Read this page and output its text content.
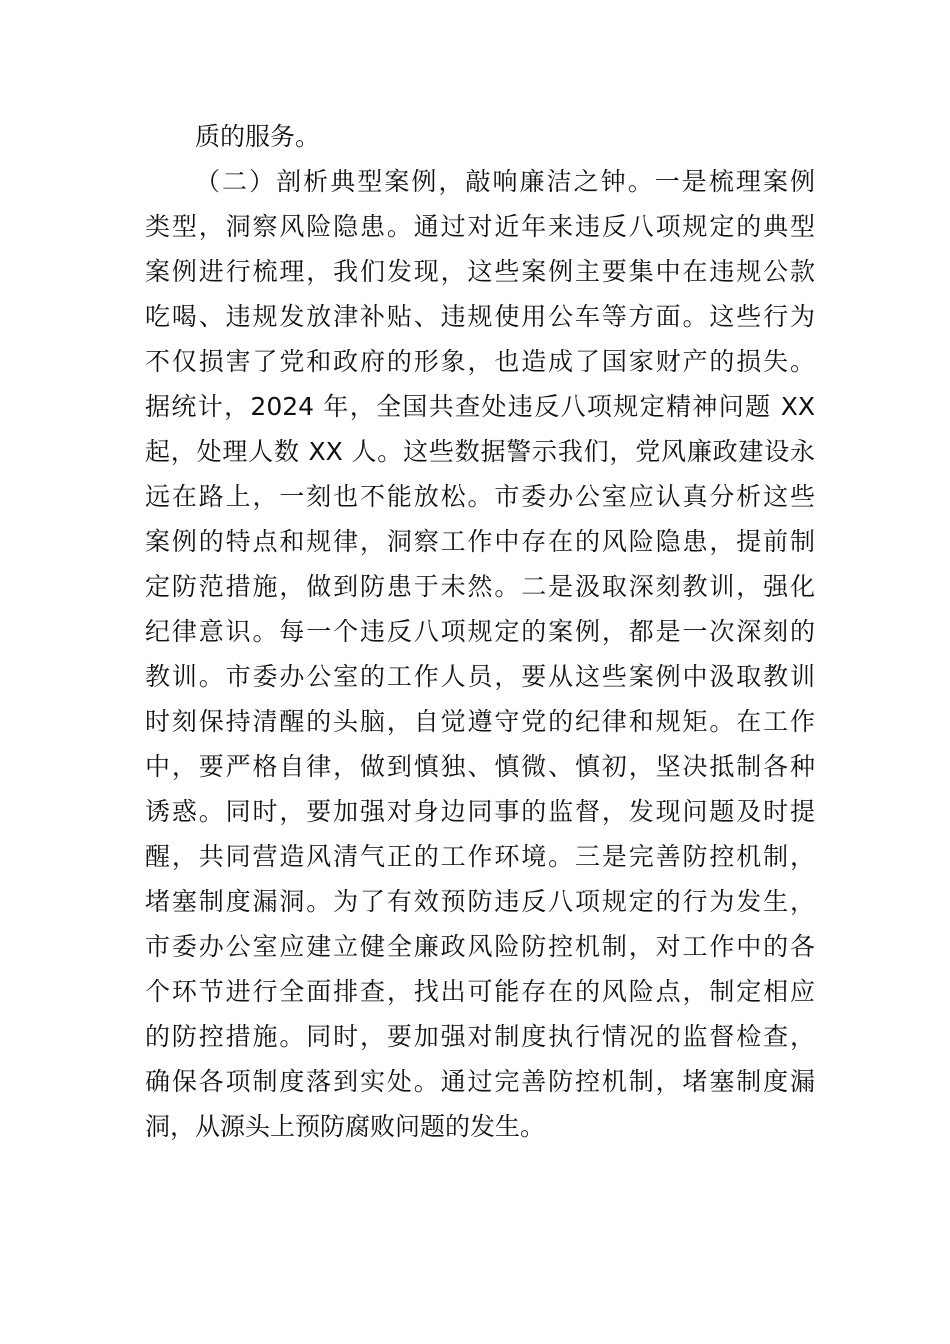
质的服务。

（二）剖析典型案例，敲响廉洁之钟。一是梳理案例

类型，洞察风险隐患。通过对近年来违反八项规定的典型

案例进行梳理，我们发现，这些案例主要集中在违规公款

吃喝、违规发放津补贴、违规使用公车等方面。这些行为

不仅损害了党和政府的形象，也造成了国家财产的损失。

据统计，2024 年，全国共查处违反八项规定精神问题 XX

起，处理人数 XX 人。这些数据警示我们，党风廉政建设永

远在路上，一刻也不能放松。市委办公室应认真分析这些

案例的特点和规律，洞察工作中存在的风险隐患，提前制

定防范措施，做到防患于未然。二是汲取深刻教训，强化

纪律意识。每一个违反八项规定的案例，都是一次深刻的

教训。市委办公室的工作人员，要从这些案例中汲取教训

时刻保持清醒的头脑，自觉遵守党的纪律和规矩。在工作

中，要严格自律，做到慎独、慎微、慎初，坚决抵制各种

诱惑。同时，要加强对身边同事的监督，发现问题及时提

醒，共同营造风清气正的工作环境。三是完善防控机制，

堵塞制度漏洞。为了有效预防违反八项规定的行为发生，

市委办公室应建立健全廉政风险防控机制，对工作中的各

个环节进行全面排查，找出可能存在的风险点，制定相应

的防控措施。同时，要加强对制度执行情况的监督检查，

确保各项制度落到实处。通过完善防控机制，堵塞制度漏

洞，从源头上预防腐败问题的发生。
